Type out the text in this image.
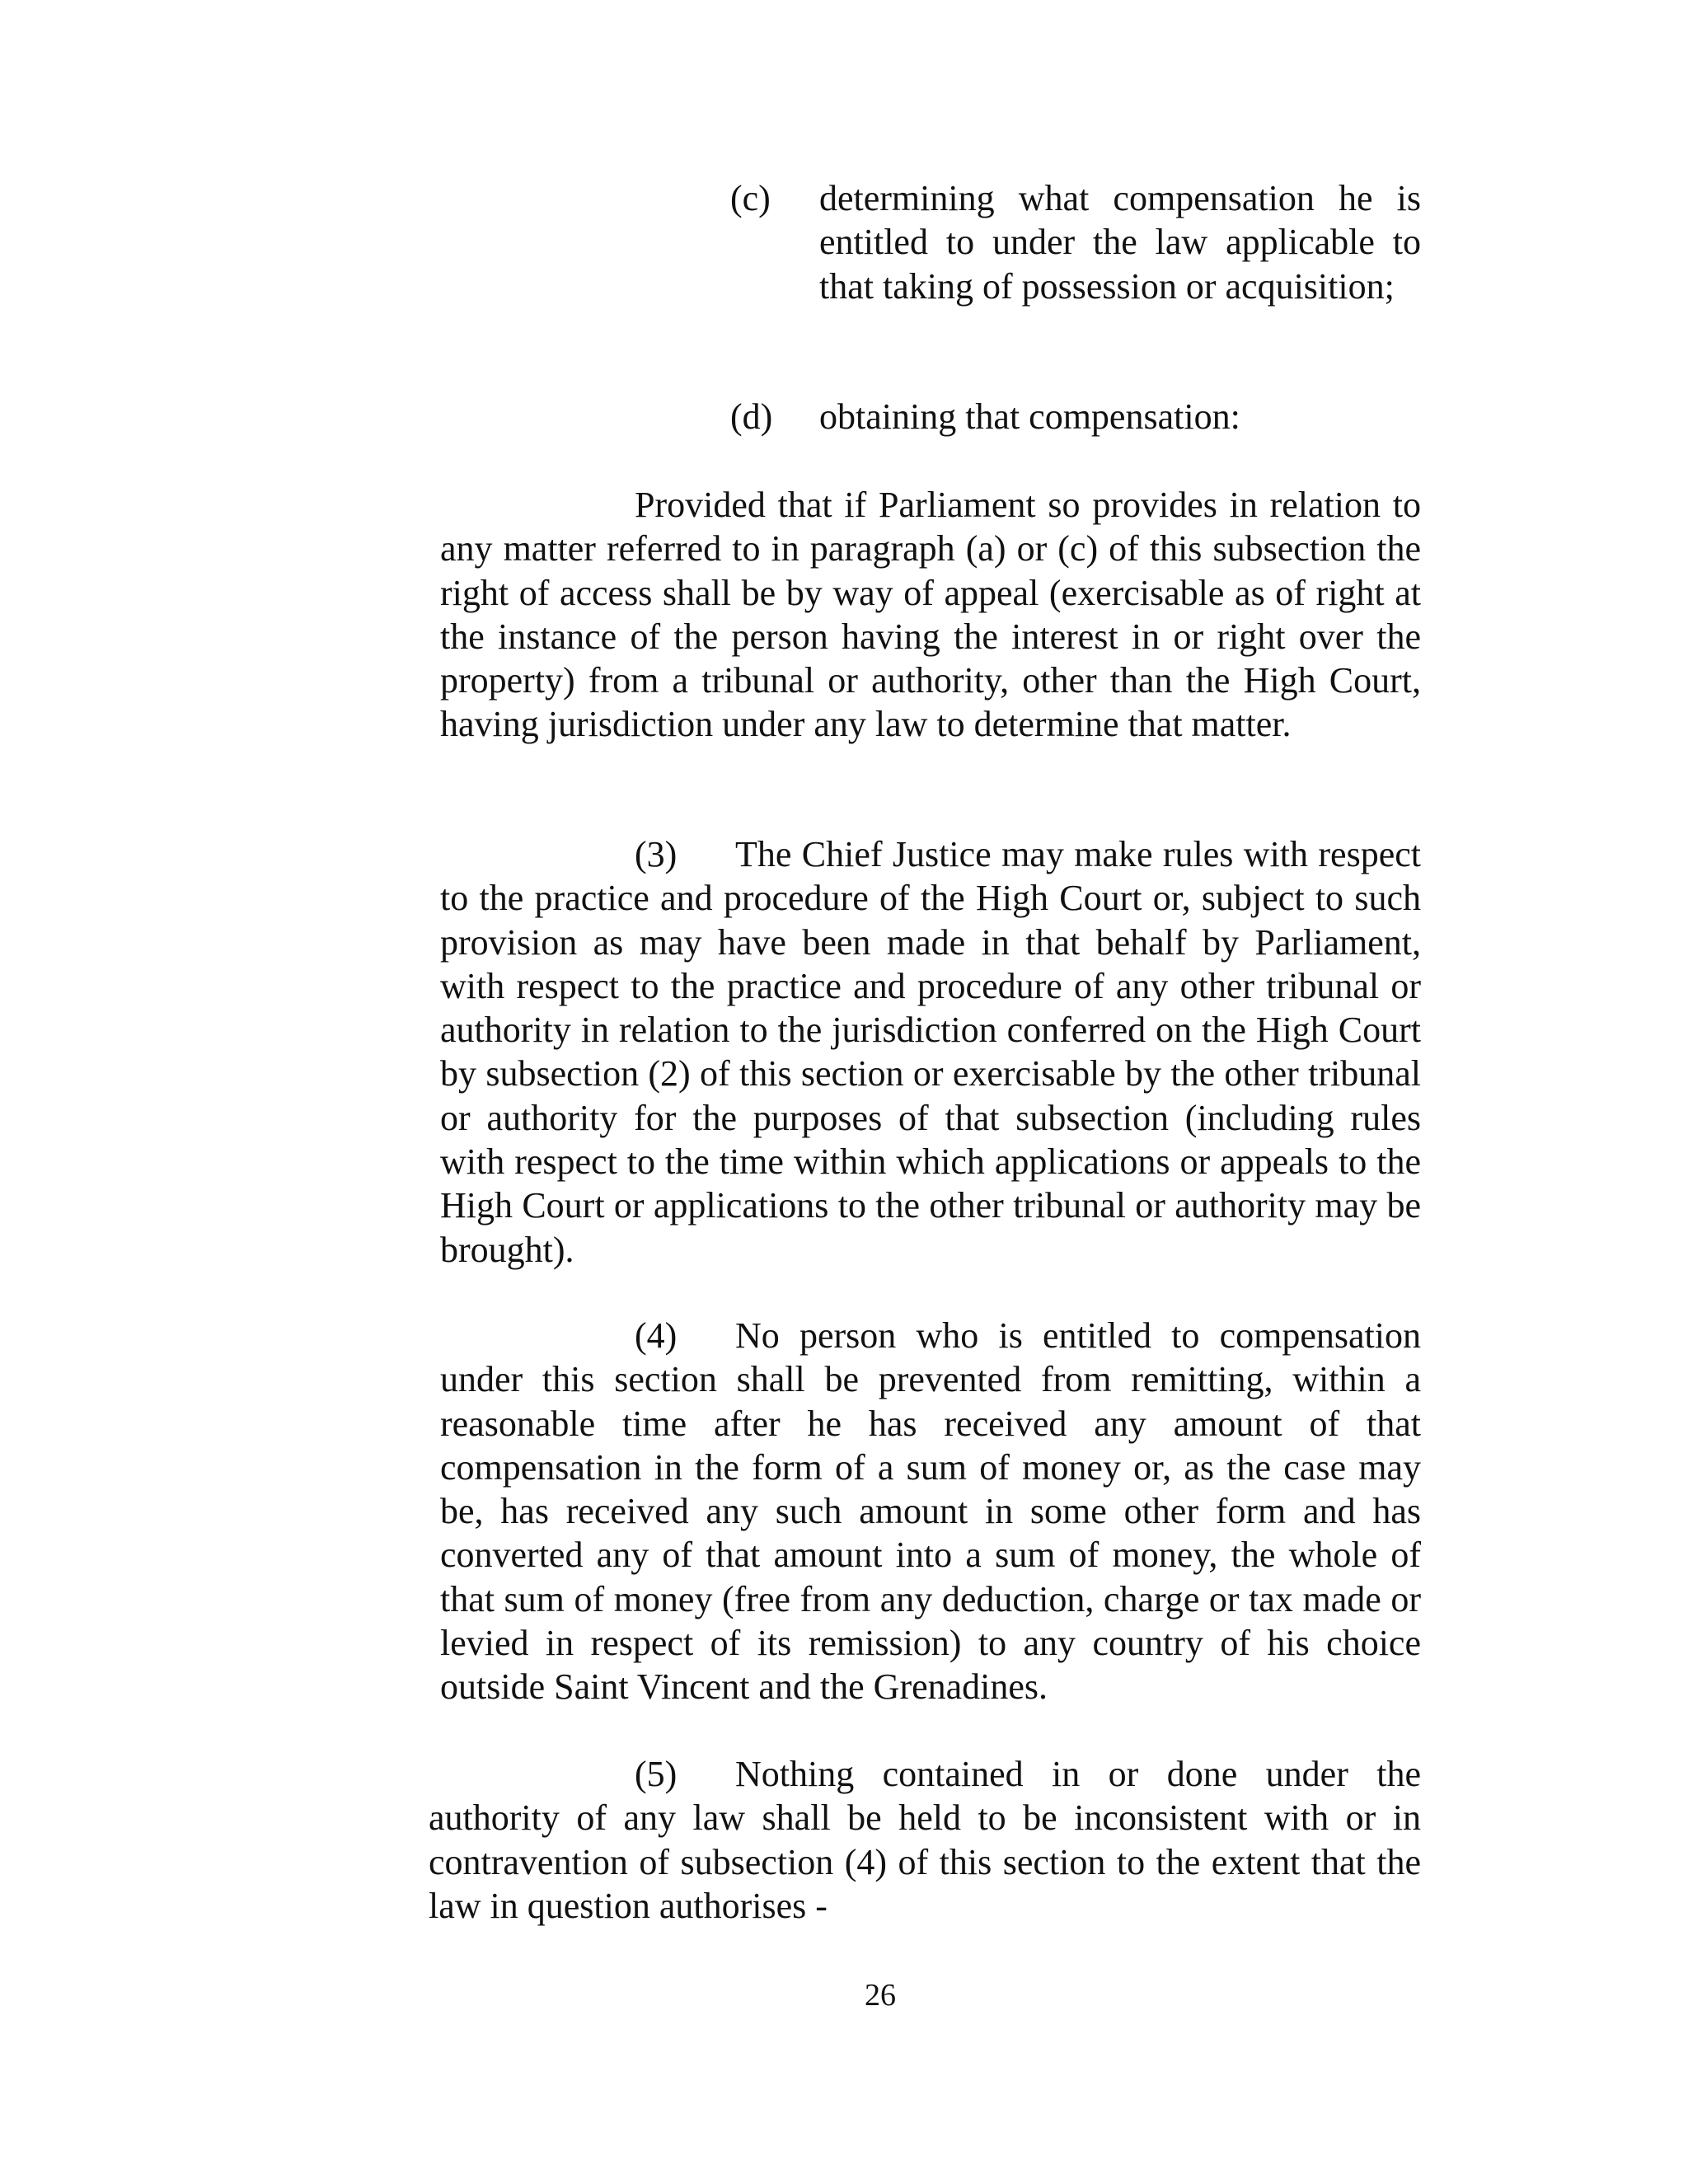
(c) determining what compensation he is entitled to under the law applicable to that taking of possession or acquisition;

(d) obtaining that compensation:

Provided that if Parliament so provides in relation to any matter referred to in paragraph (a) or (c) of this subsection the right of access shall be by way of appeal (exercisable as of right at the instance of the person having the interest in or right over the property) from a tribunal or authority, other than the High Court, having jurisdiction under any law to determine that matter.

(3) The Chief Justice may make rules with respect to the practice and procedure of the High Court or, subject to such provision as may have been made in that behalf by Parliament, with respect to the practice and procedure of any other tribunal or authority in relation to the jurisdiction conferred on the High Court by subsection (2) of this section or exercisable by the other tribunal or authority for the purposes of that subsection (including rules with respect to the time within which applications or appeals to the High Court or applications to the other tribunal or authority may be brought).

(4) No person who is entitled to compensation under this section shall be prevented from remitting, within a reasonable time after he has received any amount of that compensation in the form of a sum of money or, as the case may be, has received any such amount in some other form and has converted any of that amount into a sum of money, the whole of that sum of money (free from any deduction, charge or tax made or levied in respect of its remission) to any country of his choice outside Saint Vincent and the Grenadines.

(5) Nothing contained in or done under the authority of any law shall be held to be inconsistent with or in contravention of subsection (4) of this section to the extent that the law in question authorises -

26
